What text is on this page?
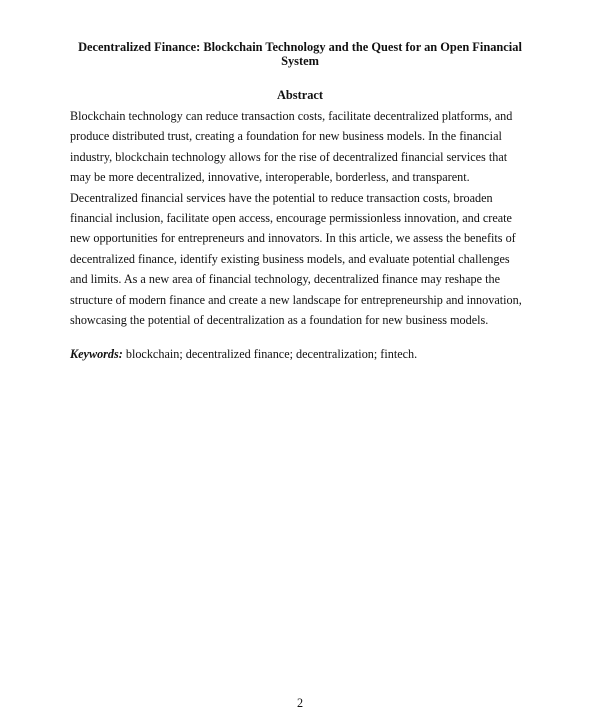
Decentralized Finance: Blockchain Technology and the Quest for an Open Financial System
Abstract

Blockchain technology can reduce transaction costs, facilitate decentralized platforms, and produce distributed trust, creating a foundation for new business models. In the financial industry, blockchain technology allows for the rise of decentralized financial services that may be more decentralized, innovative, interoperable, borderless, and transparent. Decentralized financial services have the potential to reduce transaction costs, broaden financial inclusion, facilitate open access, encourage permissionless innovation, and create new opportunities for entrepreneurs and innovators. In this article, we assess the benefits of decentralized finance, identify existing business models, and evaluate potential challenges and limits. As a new area of financial technology, decentralized finance may reshape the structure of modern finance and create a new landscape for entrepreneurship and innovation, showcasing the potential of decentralization as a foundation for new business models.

Keywords: blockchain; decentralized finance; decentralization; fintech.

2
